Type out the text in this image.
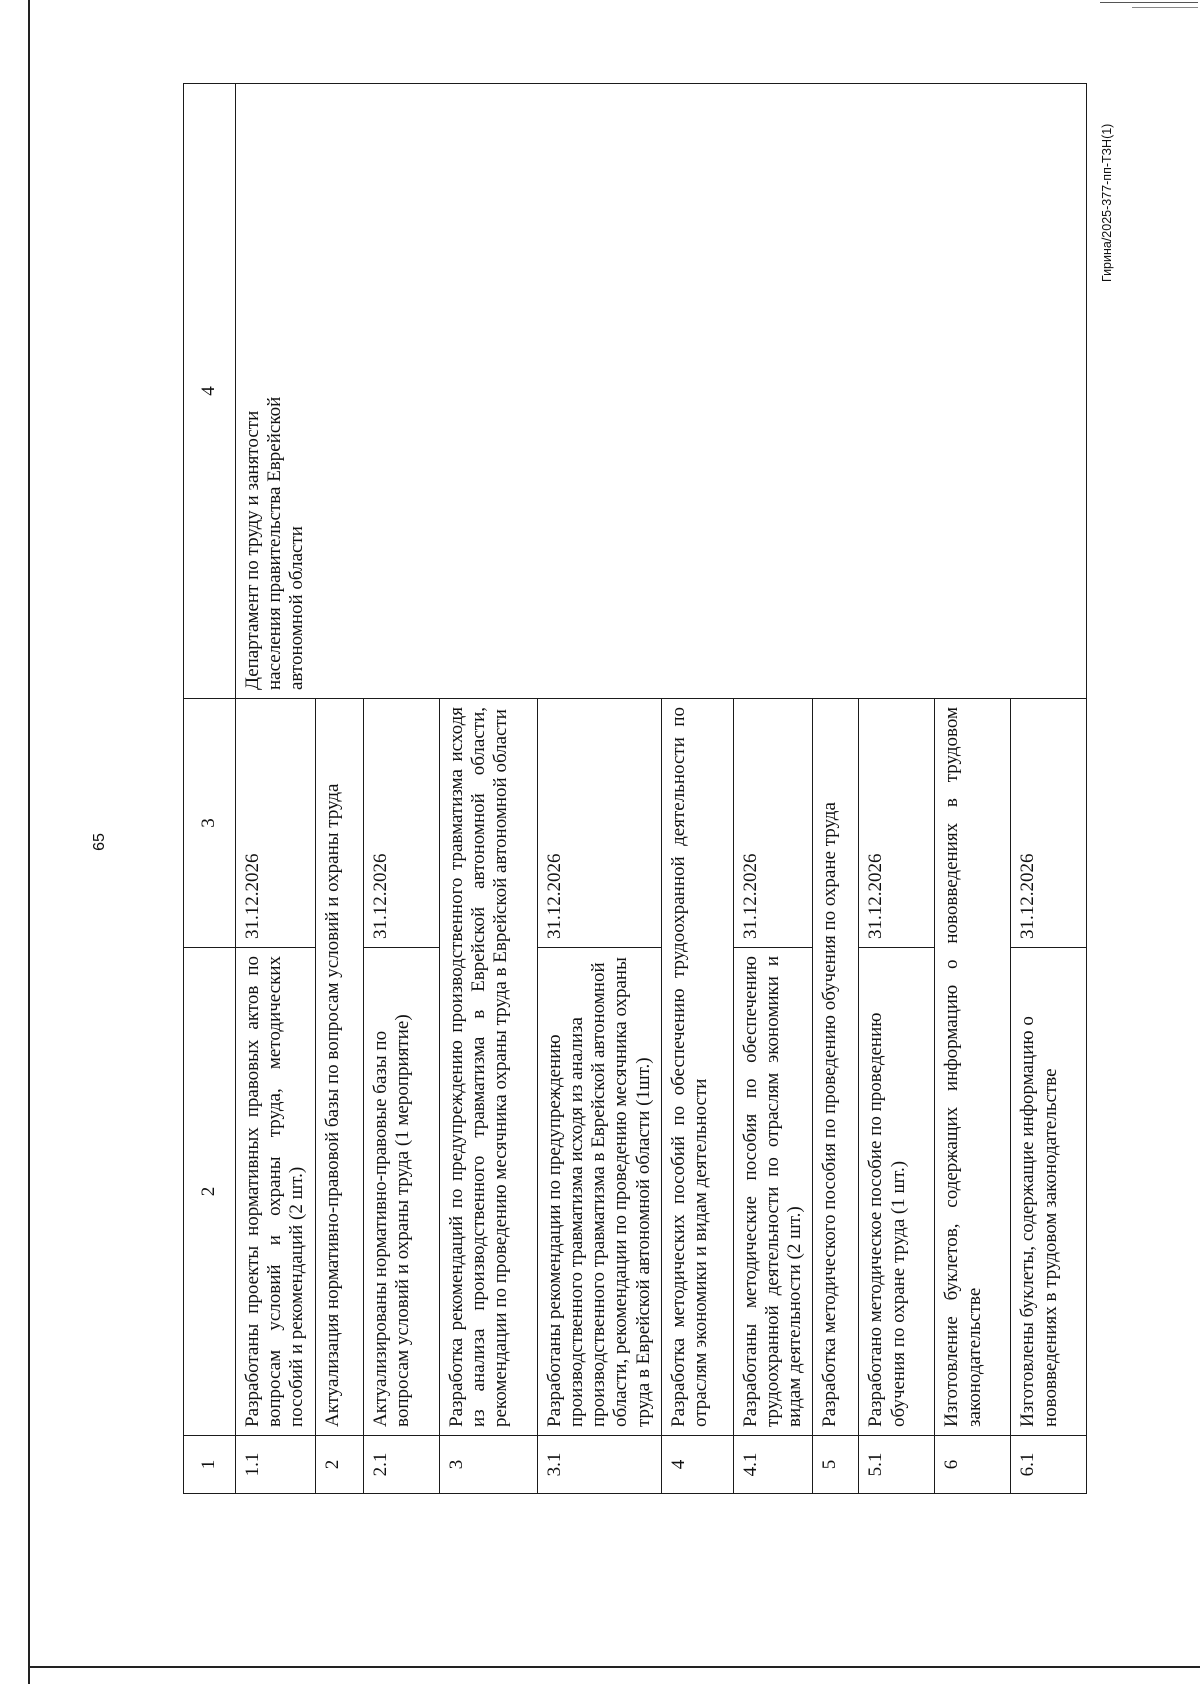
65
Гирина/2025-377-пп-ТЗН(1)
1	2	3	4
1.1	Разработаны проекты нормативных правовых актов по вопросам условий и охраны труда, методических пособий и рекомендаций (2 шт.)	31.12.2026	Департамент по труду и занятости населения правительства Еврейской автономной области

2	Актуализация нормативно-правовой базы по вопросам условий и охраны труда		
2.1	Актуализированы нормативно-правовые базы по вопросам условий и охраны труда (1 мероприятие)	31.12.2026	
3	Разработка рекомендаций по предупреждению производственного травматизма исходя из анализа производственного травматизма в Еврейской автономной области, рекомендации по проведению месячника охраны труда в Еврейской автономной области		
3.1	Разработаны рекомендации по предупреждению производственного травматизма исходя из анализа производственного травматизма в Еврейской автономной области, рекомендации по проведению месячника охраны труда в Еврейской автономной области (1шт.)	31.12.2026	
4	Разработка методических пособий по обеспечению трудоохранной деятельности по отраслям экономики и видам деятельности		
4.1	Разработаны методические пособия по обеспечению трудоохранной деятельности по отраслям экономики и видам деятельности (2 шт.)	31.12.2026	
5	Разработка методического пособия по проведению обучения по охране труда		
5.1	Разработано методическое пособие по проведению обучения по охране труда (1 шт.)	31.12.2026	
6	Изготовление буклетов, содержащих информацию о нововведениях в трудовом законодательстве		
6.1	Изготовлены буклеты, содержащие информацию о нововведениях в трудовом законодательстве	31.12.2026	
